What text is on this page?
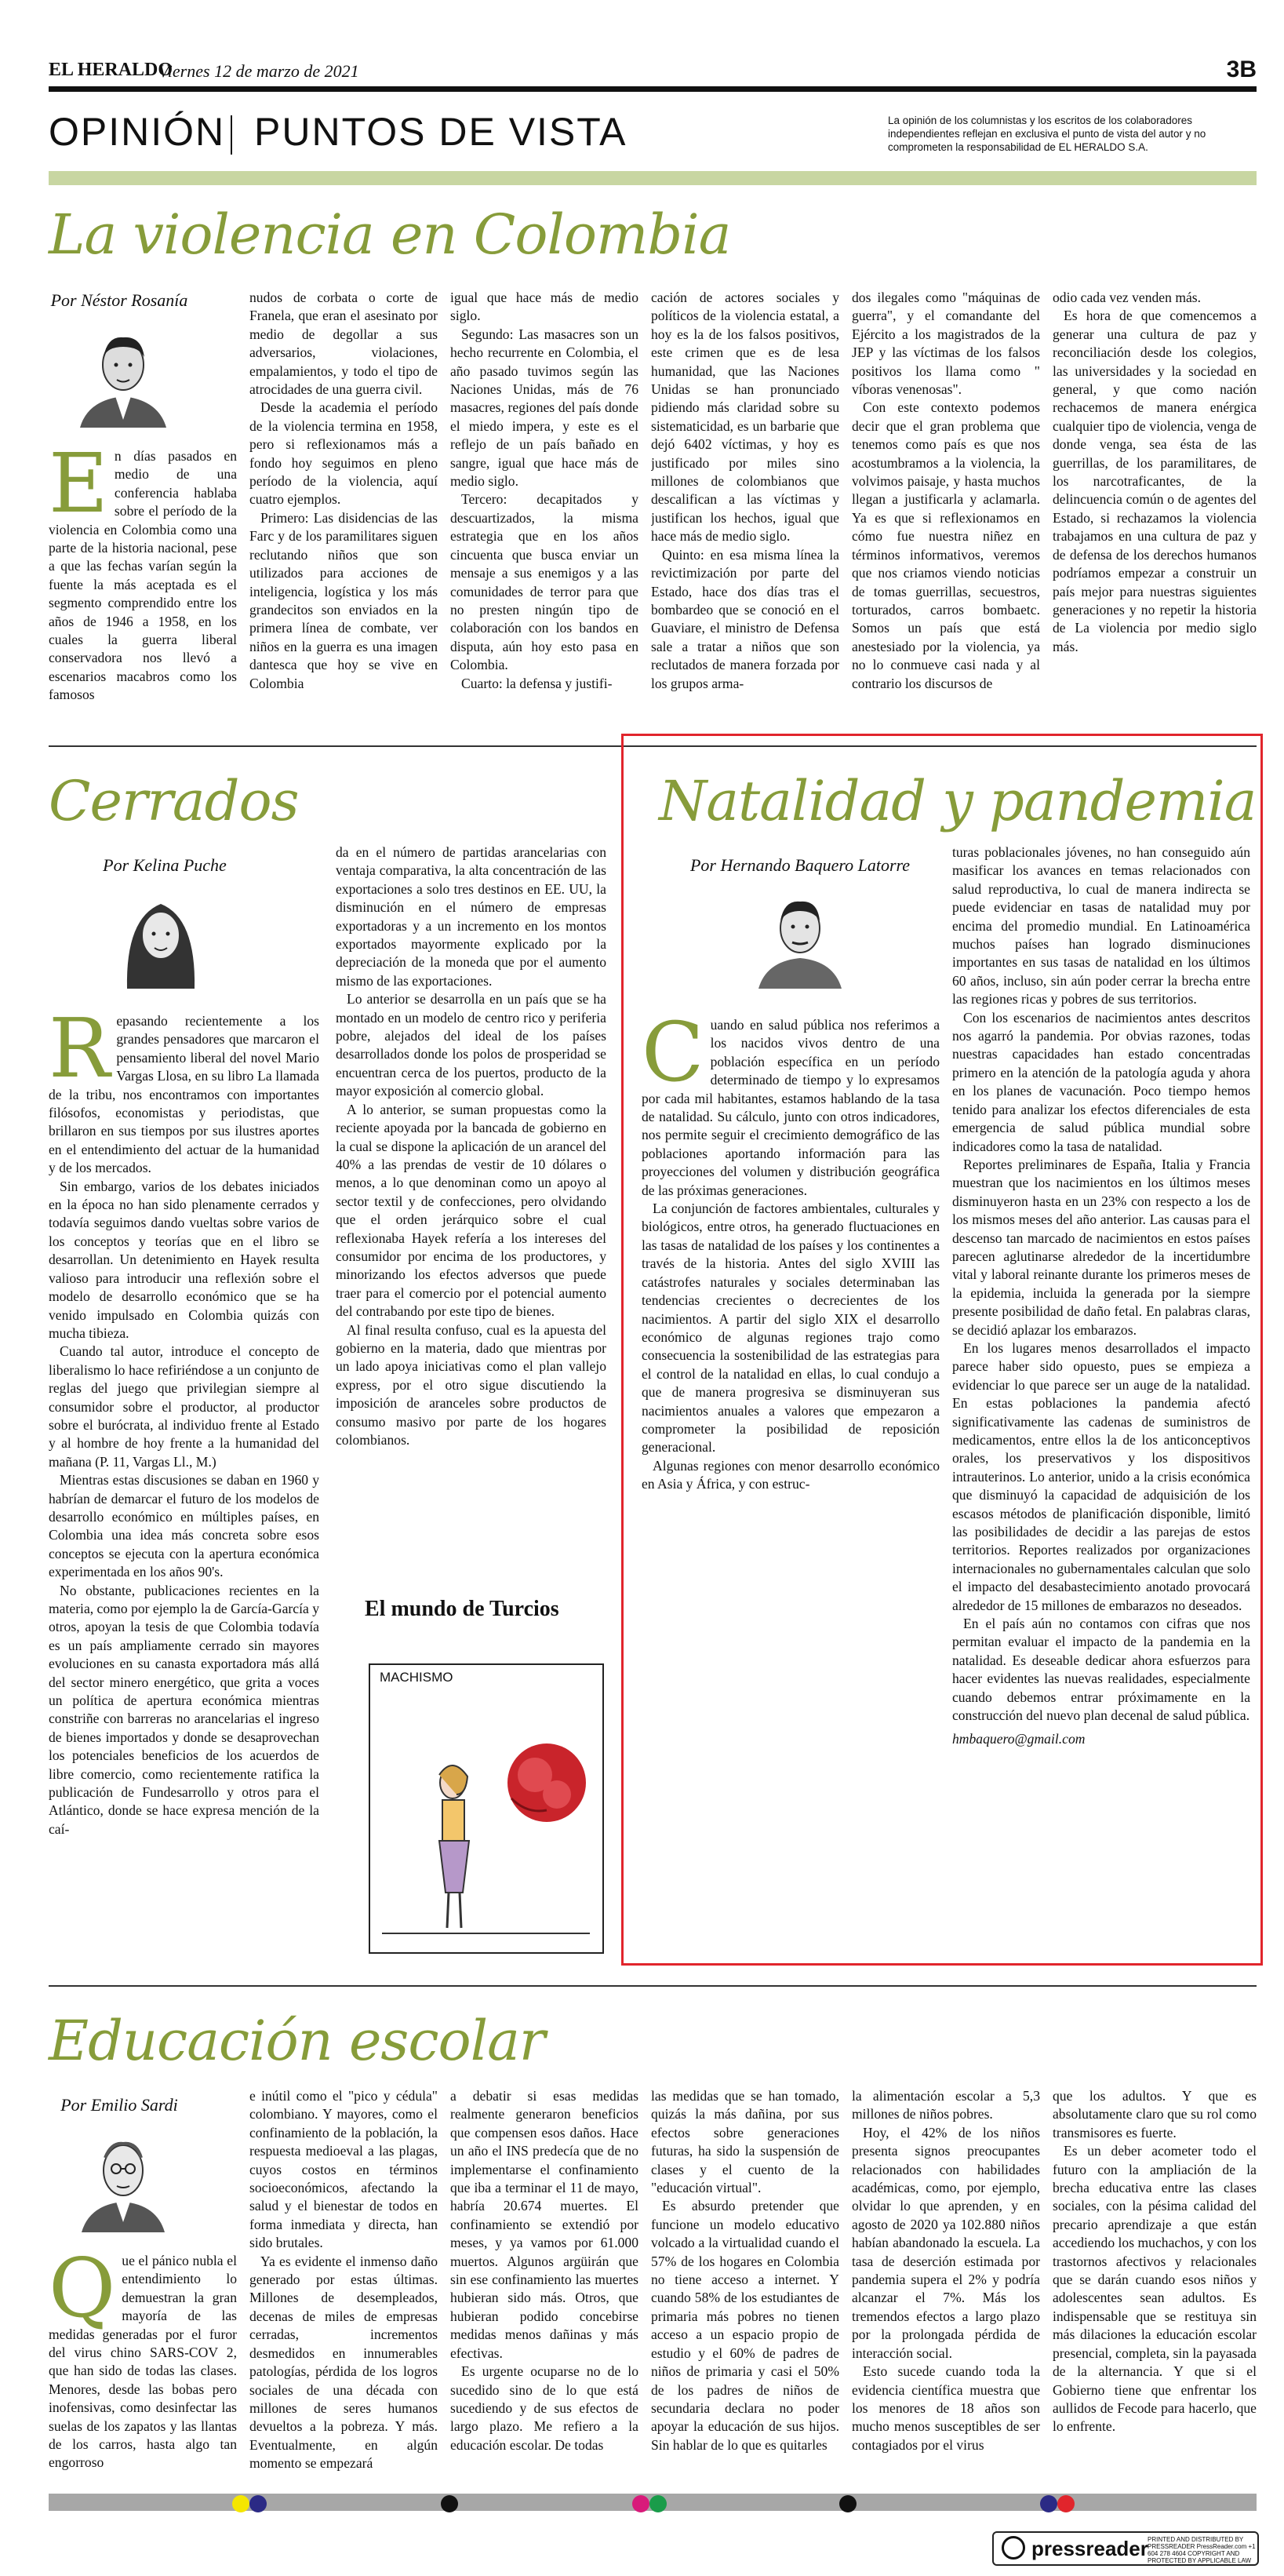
EL HERALDO
Viernes 12 de marzo de 2021	3B
OPINIÓN PUNTOS DE VISTA	La opinión de los columnistas y los escritos de los colaboradores independientes reflejan en exclusiva el punto de vista del autor y no comprometen la responsabilidad de EL HERALDO S.A.
La violencia en Colombia
Por Néstor Rosanía
E n días pasados en medio de una conferencia hablaba sobre el período de la violencia en Colombia como una parte de la historia nacional, pese a que las fechas varían según la fuente la más aceptada es el segmento comprendido entre los años de 1946 a 1958, en los cuales la guerra liberal conservadora nos llevó a escenarios macabros como los famosos

nudos de corbata o corte de Franela, que eran el asesinato por medio de degollar a sus adversarios, violaciones, empalamientos, y todo el tipo de atrocidades de una guerra civil.

Desde la academia el período de la violencia termina en 1958, pero si reflexionamos más a fondo hoy seguimos en pleno período de la violencia, aquí cuatro ejemplos.

Primero: Las disidencias de las Farc y de los paramilitares siguen reclutando niños que son utilizados para acciones de inteligencia, logística y los más grandecitos son enviados en la primera línea de combate, ver niños en la guerra es una imagen dantesca que hoy se vive en Colombia

igual que hace más de medio siglo.

Segundo: Las masacres son un hecho recurrente en Colombia, el año pasado tuvimos según las Naciones Unidas, más de 76 masacres, regiones del país donde el miedo impera, y este es el reflejo de un país bañado en sangre, igual que hace más de medio siglo.

Tercero: decapitados y descuartizados, la misma estrategia que en los años cincuenta que busca enviar un mensaje a sus enemigos y a las comunidades de terror para que no presten ningún tipo de colaboración con los bandos en disputa, aún hoy esto pasa en Colombia.

Cuarto: la defensa y justifi-

cación de actores sociales y políticos de la violencia estatal, a hoy es la de los falsos positivos, este crimen que es de lesa humanidad, que las Naciones Unidas se han pronunciado pidiendo más claridad sobre su sistematicidad, es un barbarie que dejó 6402 víctimas, y hoy es justificado por miles sino millones de colombianos que descalifican a las víctimas y justifican los hechos, igual que hace más de medio siglo.

Quinto: en esa misma línea la revictimización por parte del Estado, hace dos días tras el bombardeo que se conoció en el Guaviare, el ministro de Defensa sale a tratar a niños que son reclutados de manera forzada por los grupos arma-

dos ilegales como "máquinas de guerra", y el comandante del Ejército a los magistrados de la JEP y las víctimas de los falsos positivos los llama como " víboras venenosas".

Con este contexto podemos decir que el gran problema que tenemos como país es que nos acostumbramos a la violencia, la volvimos paisaje, y hasta muchos llegan a justificarla y aclamarla. Ya es que si reflexionamos en cómo fue nuestra niñez en términos informativos, veremos que nos criamos viendo noticias de tomas guerrillas, secuestros, torturados, carros bombaetc. Somos un país que está anestesiado por la violencia, ya no lo conmueve casi nada y al contrario los discursos de

odio cada vez venden más.

Es hora de que comencemos a generar una cultura de paz y reconciliación desde los colegios, las universidades y la sociedad en general, y que como nación rechacemos de manera enérgica cualquier tipo de violencia, venga de donde venga, sea ésta de las guerrillas, de los paramilitares, de los narcotraficantes, de la delincuencia común o de agentes del Estado, si rechazamos la violencia trabajamos en una cultura de paz y de defensa de los derechos humanos podríamos empezar a construir un país mejor para nuestras siguientes generaciones y no repetir la historia de La violencia por medio siglo más.

Cerrados
Por Kelina Puche
R epasando recientemente a los grandes pensadores que marcaron el pensamiento liberal del novel Mario Vargas Llosa, en su libro La llamada de la tribu, nos encontramos con importantes filósofos, economistas y periodistas, que brillaron en sus tiempos por sus ilustres aportes en el entendimiento del actuar de la humanidad y de los mercados.

Sin embargo, varios de los debates iniciados en la época no han sido plenamente cerrados y todavía seguimos dando vueltas sobre varios de los conceptos y teorías que en el libro se desarrollan. Un detenimiento en Hayek resulta valioso para introducir una reflexión sobre el modelo de desarrollo económico que se ha venido impulsado en Colombia quizás con mucha tibieza.

Cuando tal autor, introduce el concepto de liberalismo lo hace refiriéndose a un conjunto de reglas del juego que privilegian siempre al consumidor sobre el productor, al productor sobre el burócrata, al individuo frente al Estado y al hombre de hoy frente a la humanidad del mañana (P. 11, Vargas Ll., M.)

Mientras estas discusiones se daban en 1960 y habrían de demarcar el futuro de los modelos de desarrollo económico en múltiples países, en Colombia una idea más concreta sobre esos conceptos se ejecuta con la apertura económica experimentada en los años 90's.

No obstante, publicaciones recientes en la materia, como por ejemplo la de García-García y otros, apoyan la tesis de que Colombia todavía es un país ampliamente cerrado sin mayores evoluciones en su canasta exportadora más allá del sector minero energético, que grita a voces un política de apertura económica mientras constriñe con barreras no arancelarias el ingreso de bienes importados y donde se desaprovechan los potenciales beneficios de los acuerdos de libre comercio, como recientemente ratifica la publicación de Fundesarrollo y otros para el Atlántico, donde se hace expresa mención de la caí-

da en el número de partidas arancelarias con ventaja comparativa, la alta concentración de las exportaciones a solo tres destinos en EE. UU, la disminución en el número de empresas exportadoras y a un incremento en los montos exportados mayormente explicado por la depreciación de la moneda que por el aumento mismo de las exportaciones.

Lo anterior se desarrolla en un país que se ha montado en un modelo de centro rico y periferia pobre, alejados del ideal de los países desarrollados donde los polos de prosperidad se encuentran cerca de los puertos, producto de la mayor exposición al comercio global.

A lo anterior, se suman propuestas como la reciente apoyada por la bancada de gobierno en la cual se dispone la aplicación de un arancel del 40% a las prendas de vestir de 10 dólares o menos, a lo que denominan como un apoyo al sector textil y de confecciones, pero olvidando que el orden jerárquico sobre el cual reflexionaba Hayek refería a los intereses del consumidor por encima de los productores, y minorizando los efectos adversos que puede traer para el comercio por el potencial aumento del contrabando por este tipo de bienes.

Al final resulta confuso, cual es la apuesta del gobierno en la materia, dado que mientras por un lado apoya iniciativas como el plan vallejo express, por el otro sigue discutiendo la imposición de aranceles sobre productos de consumo masivo por parte de los hogares colombianos.

El mundo de Turcios
MACHISMO
Natalidad y pandemia
Por Hernando Baquero Latorre
C uando en salud pública nos referimos a los nacidos vivos dentro de una población específica en un período determinado de tiempo y lo expresamos por cada mil habitantes, estamos hablando de la tasa de natalidad. Su cálculo, junto con otros indicadores, nos permite seguir el crecimiento demográfico de las poblaciones aportando información para las proyecciones del volumen y distribución geográfica de las próximas generaciones.

La conjunción de factores ambientales, culturales y biológicos, entre otros, ha generado fluctuaciones en las tasas de natalidad de los países y los continentes a través de la historia. Antes del siglo XVIII las catástrofes naturales y sociales determinaban las tendencias crecientes o decrecientes de los nacimientos. A partir del siglo XIX el desarrollo económico de algunas regiones trajo como consecuencia la sostenibilidad de las estrategias para el control de la natalidad en ellas, lo cual condujo a que de manera progresiva se disminuyeran sus nacimientos anuales a valores que empezaron a comprometer la posibilidad de reposición generacional.

Algunas regiones con menor desarrollo económico en Asia y África, y con estruc-

turas poblacionales jóvenes, no han conseguido aún masificar los avances en temas relacionados con salud reproductiva, lo cual de manera indirecta se puede evidenciar en tasas de natalidad muy por encima del promedio mundial. En Latinoamérica muchos países han logrado disminuciones importantes en sus tasas de natalidad en los últimos 60 años, incluso, sin aún poder cerrar la brecha entre las regiones ricas y pobres de sus territorios.

Con los escenarios de nacimientos antes descritos nos agarró la pandemia. Por obvias razones, todas nuestras capacidades han estado concentradas primero en la atención de la patología aguda y ahora en los planes de vacunación. Poco tiempo hemos tenido para analizar los efectos diferenciales de esta emergencia de salud pública mundial sobre indicadores como la tasa de natalidad.

Reportes preliminares de España, Italia y Francia muestran que los nacimientos en los últimos meses disminuyeron hasta en un 23% con respecto a los de los mismos meses del año anterior. Las causas para el descenso tan marcado de nacimientos en estos países parecen aglutinarse alrededor de la incertidumbre vital y laboral reinante durante los primeros meses de la epidemia, incluida la generada por la siempre presente posibilidad de daño fetal. En palabras claras, se decidió aplazar los embarazos.

En los lugares menos desarrollados el impacto parece haber sido opuesto, pues se empieza a evidenciar lo que parece ser un auge de la natalidad. En estas poblaciones la pandemia afectó significativamente las cadenas de suministros de medicamentos, entre ellos la de los anticonceptivos orales, los preservativos y los dispositivos intrauterinos. Lo anterior, unido a la crisis económica que disminuyó la capacidad de adquisición de los escasos métodos de planificación disponible, limitó las posibilidades de decidir a las parejas de estos territorios. Reportes realizados por organizaciones internacionales no gubernamentales calculan que solo el impacto del desabastecimiento anotado provocará alrededor de 15 millones de embarazos no deseados.

En el país aún no contamos con cifras que nos permitan evaluar el impacto de la pandemia en la natalidad. Es deseable dedicar ahora esfuerzos para hacer evidentes las nuevas realidades, especialmente cuando debemos entrar próximamente en la construcción del nuevo plan decenal de salud pública.

hmbaquero@gmail.com

Educación escolar
Por Emilio Sardi
Q ue el pánico nubla el entendimiento lo demuestran la gran mayoría de las medidas generadas por el furor del virus chino SARS-COV 2, que han sido de todas las clases. Menores, desde las bobas pero inofensivas, como desinfectar las suelas de los zapatos y las llantas de los carros, hasta algo tan engorroso

e inútil como el "pico y cédula" colombiano. Y mayores, como el confinamiento de la población, la respuesta medioeval a las plagas, cuyos costos en términos socioeconómicos, afectando la salud y el bienestar de todos en forma inmediata y directa, han sido brutales.

Ya es evidente el inmenso daño generado por estas últimas. Millones de desempleados, decenas de miles de empresas cerradas, incrementos desmedidos en innumerables patologías, pérdida de los logros sociales de una década con millones de seres humanos devueltos a la pobreza. Y más. Eventualmente, en algún momento se empezará

a debatir si esas medidas realmente generaron beneficios que compensen esos daños. Hace un año el INS predecía que de no implementarse el confinamiento que iba a terminar el 11 de mayo, habría 20.674 muertes. El confinamiento se extendió por meses, y ya vamos por 61.000 muertos. Algunos argüirán que sin ese confinamiento las muertes hubieran sido más. Otros, que hubieran podido concebirse medidas menos dañinas y más efectivas.

Es urgente ocuparse no de lo sucedido sino de lo que está sucediendo y de sus efectos de largo plazo. Me refiero a la educación escolar. De todas

las medidas que se han tomado, quizás la más dañina, por sus efectos sobre generaciones futuras, ha sido la suspensión de clases y el cuento de la "educación virtual".

Es absurdo pretender que funcione un modelo educativo volcado a la virtualidad cuando el 57% de los hogares en Colombia no tiene acceso a internet. Y cuando 58% de los estudiantes de primaria más pobres no tienen acceso a un espacio propio de estudio y el 60% de padres de niños de primaria y casi el 50% de los padres de niños de secundaria declara no poder apoyar la educación de sus hijos. Sin hablar de lo que es quitarles

la alimentación escolar a 5,3 millones de niños pobres.

Hoy, el 42% de los niños presenta signos preocupantes relacionados con habilidades académicas, como, por ejemplo, olvidar lo que aprenden, y en agosto de 2020 ya 102.880 niños habían abandonado la escuela. La tasa de deserción estimada por pandemia supera el 2% y podría alcanzar el 7%. Más los tremendos efectos a largo plazo por la prolongada pérdida de interacción social.

Esto sucede cuando toda la evidencia científica muestra que los menores de 18 años son mucho menos susceptibles de ser contagiados por el virus

que los adultos. Y que es absolutamente claro que su rol como transmisores es fuerte.

Es un deber acometer todo el futuro con la ampliación de la brecha educativa entre las clases sociales, con la pésima calidad del precario aprendizaje a que están accediendo los muchachos, y con los trastornos afectivos y relacionales que se darán cuando esos niños y adolescentes sean adultos. Es indispensable que se restituya sin más dilaciones la educación escolar presencial, completa, sin la payasada de la alternancia. Y que si el Gobierno tiene que enfrentar los aullidos de Fecode para hacerlo, que lo enfrente.

pressreader PRINTED AND DISTRIBUTED BY PRESSREADER PressReader.com +1 604 278 4604 COPYRIGHT AND PROTECTED BY APPLICABLE LAW
